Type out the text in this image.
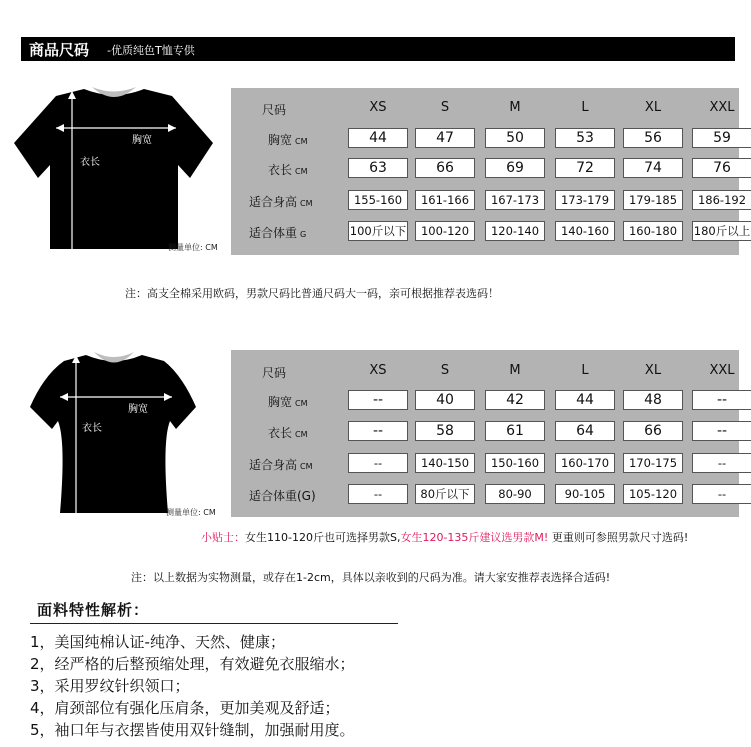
商品尺码 -优质纯色T恤专供
胸宽
衣长
测量单位: CM
尺码	XS	S	M	L	XL	XXL
胸宽 CM	44	47	50	53	56	59
衣长 CM	63	66	69	72	74	76
适合身高 CM	155-160	161-166	167-173	173-179	179-185	186-192
适合体重 G	100斤以下	100-120	120-140	140-160	160-180	180斤以上
注：高支全棉采用欧码，男款尺码比普通尺码大一码，亲可根据推荐表选码！
胸宽
衣长
测量单位: CM
尺码	XS	S	M	L	XL	XXL
胸宽 CM	--	40	42	44	48	--
衣长 CM	--	58	61	64	66	--
适合身高 CM	--	140-150	150-160	160-170	170-175	--
适合体重(G)	--	80斤以下	80-90	90-105	105-120	--
小贴士：女生110-120斤也可选择男款S,女生120-135斤建议选男款M! 更重则可参照男款尺寸选码!
注：以上数据为实物测量，或存在1-2cm，具体以亲收到的尺码为准。请大家安推荐表选择合适码!
面料特性解析：
1，美国纯棉认证-纯净、天然、健康；
2，经严格的后整预缩处理，有效避免衣服缩水；
3，采用罗纹针织领口；
4，肩颈部位有强化压肩条，更加美观及舒适；
5，袖口年与衣摆皆使用双针缝制，加强耐用度。
